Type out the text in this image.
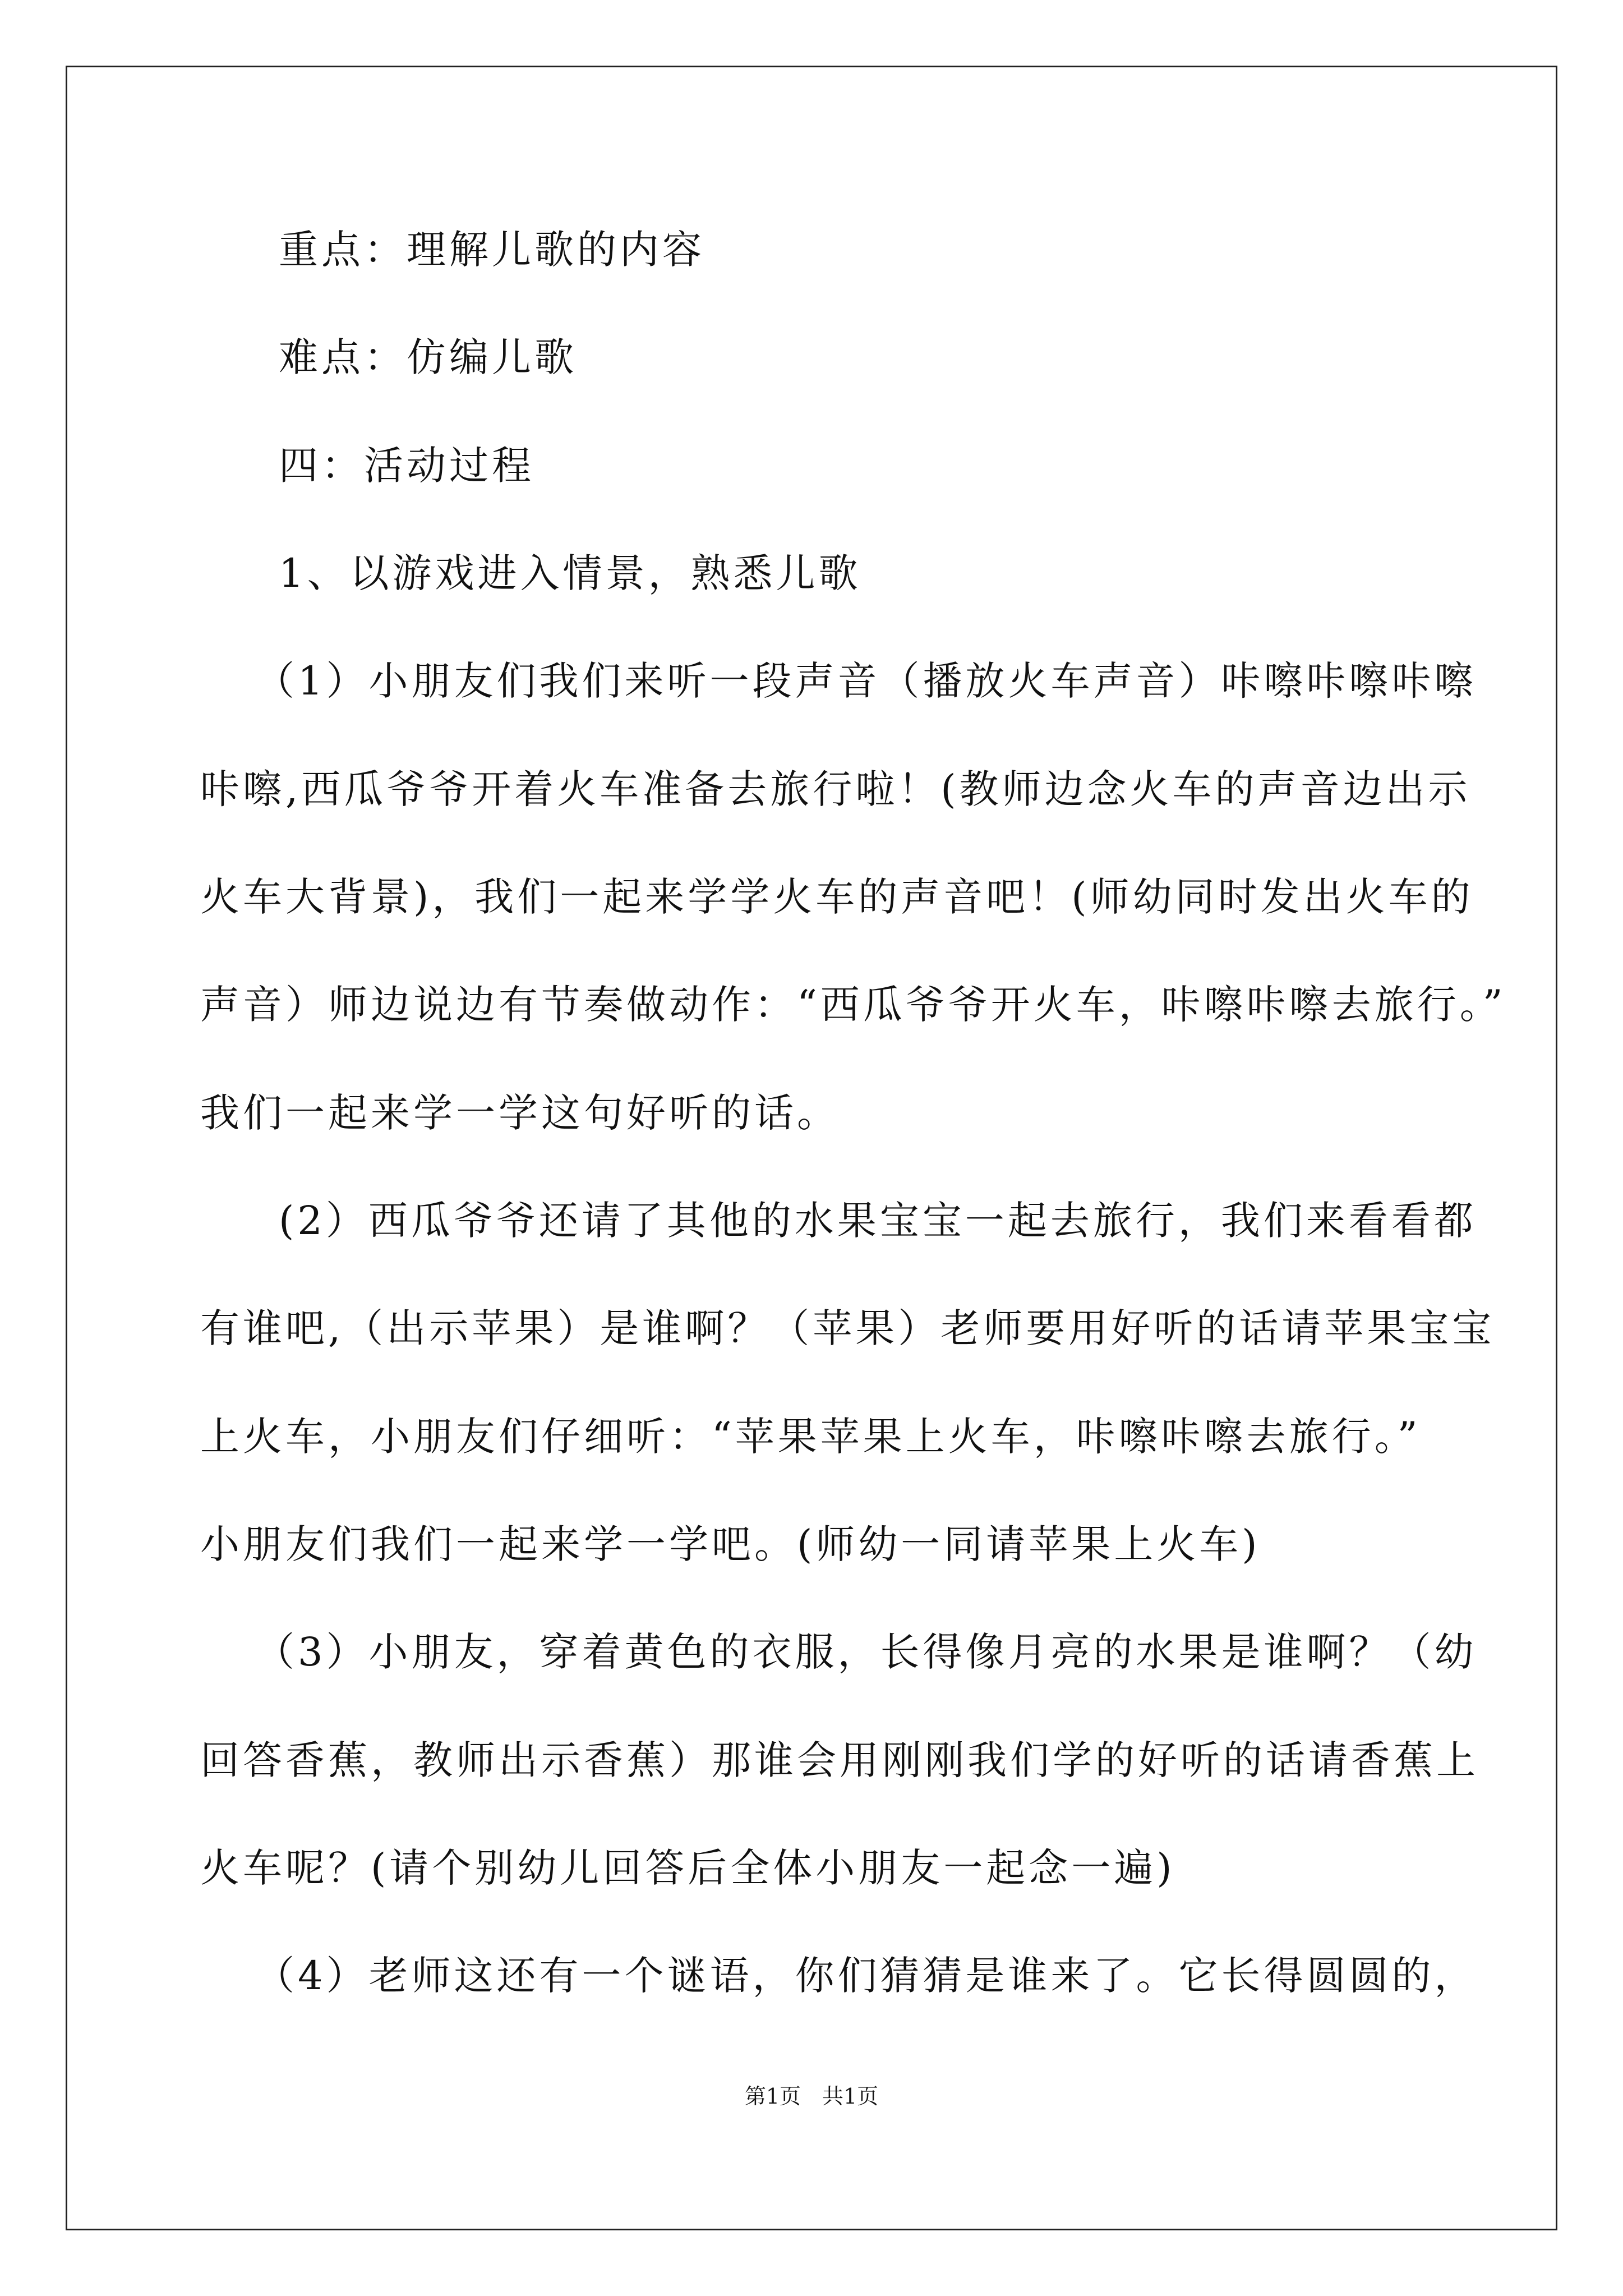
重点：理解儿歌的内容
难点：仿编儿歌
四：活动过程
1、以游戏进入情景，熟悉儿歌
（1）小朋友们我们来听一段声音（播放火车声音）咔嚓咔嚓咔嚓
咔嚓,西瓜爷爷开着火车准备去旅行啦！(教师边念火车的声音边出示
火车大背景)，我们一起来学学火车的声音吧！(师幼同时发出火车的
声音）师边说边有节奏做动作：“西瓜爷爷开火车，咔嚓咔嚓去旅行。”
我们一起来学一学这句好听的话。
(2）西瓜爷爷还请了其他的水果宝宝一起去旅行，我们来看看都
有谁吧,（出示苹果）是谁啊？（苹果）老师要用好听的话请苹果宝宝
上火车，小朋友们仔细听：“苹果苹果上火车，咔嚓咔嚓去旅行。”
小朋友们我们一起来学一学吧。(师幼一同请苹果上火车)
（3）小朋友，穿着黄色的衣服，长得像月亮的水果是谁啊？（幼
回答香蕉，教师出示香蕉）那谁会用刚刚我们学的好听的话请香蕉上
火车呢？(请个别幼儿回答后全体小朋友一起念一遍)
（4）老师这还有一个谜语，你们猜猜是谁来了。它长得圆圆的，
第1页　共1页
